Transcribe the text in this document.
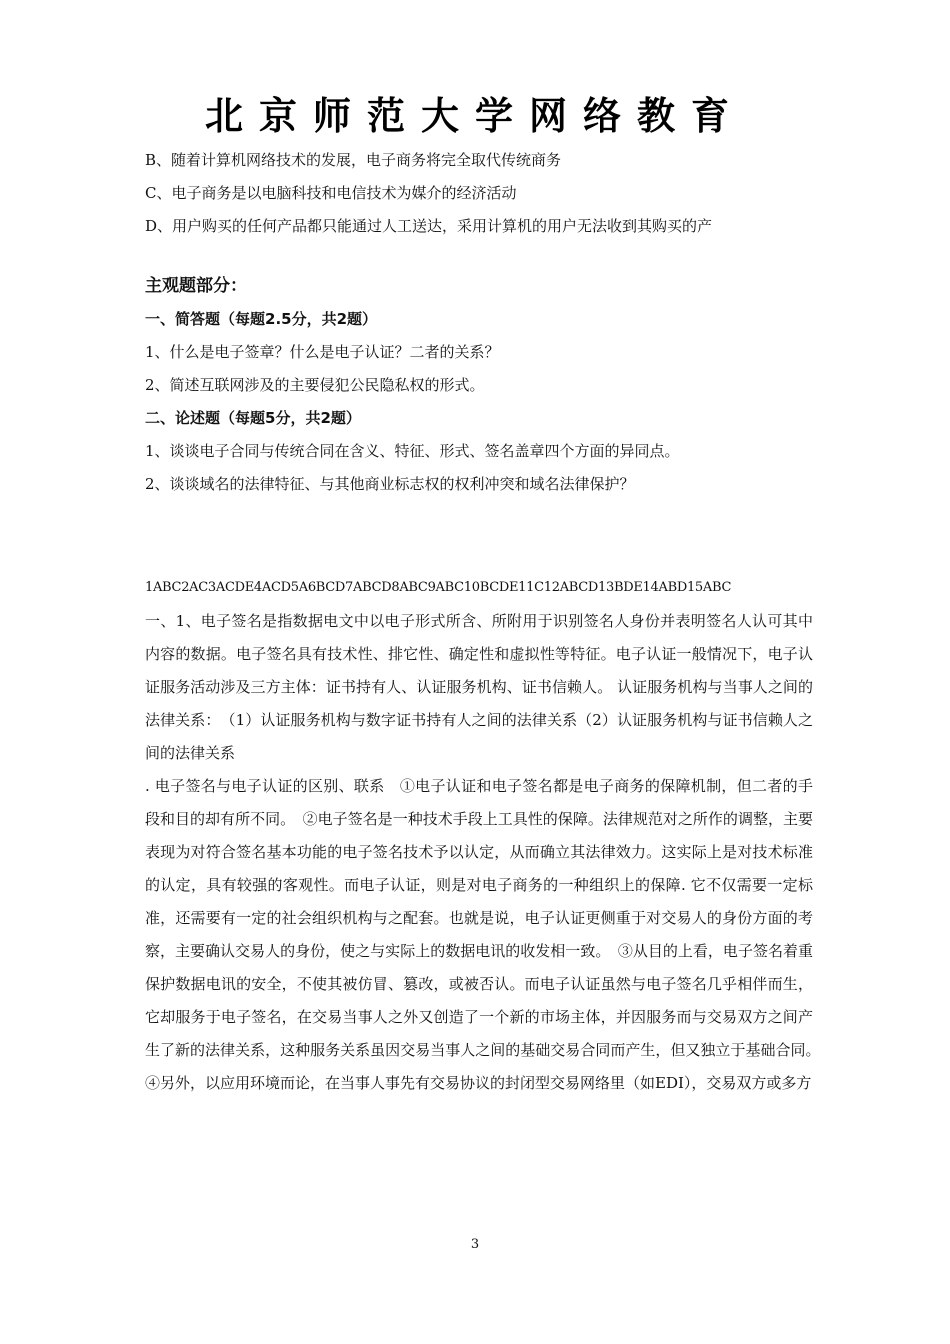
北京师范大学网络教育
B、随着计算机网络技术的发展，电子商务将完全取代传统商务
C、电子商务是以电脑科技和电信技术为媒介的经济活动
D、用户购买的任何产品都只能通过人工送达，采用计算机的用户无法收到其购买的产
主观题部分：
一、简答题（每题2.5分，共2题）
1、什么是电子签章？什么是电子认证？二者的关系？
2、简述互联网涉及的主要侵犯公民隐私权的形式。
二、论述题（每题5分，共2题）
1、谈谈电子合同与传统合同在含义、特征、形式、签名盖章四个方面的异同点。
2、谈谈域名的法律特征、与其他商业标志权的权利冲突和域名法律保护？
1ABC2AC3ACDE4ACD5A6BCD7ABCD8ABC9ABC10BCDE11C12ABCD13BDE14ABD15ABC
一、1、电子签名是指数据电文中以电子形式所含、所附用于识别签名人身份并表明签名人认可其中内容的数据。电子签名具有技术性、排它性、确定性和虚拟性等特征。电子认证一般情况下，电子认证服务活动涉及三方主体：证书持有人、认证服务机构、证书信赖人。 认证服务机构与当事人之间的法律关系：　（1）认证服务机构与数字证书持有人之间的法律关系（2）认证服务机构与证书信赖人之间的法律关系
. 电子签名与电子认证的区别、联系　①电子认证和电子签名都是电子商务的保障机制，但二者的手段和目的却有所不同。　②电子签名是一种技术手段上工具性的保障。法律规范对之所作的调整，主要表现为对符合签名基本功能的电子签名技术予以认定，从而确立其法律效力。这实际上是对技术标准的认定，具有较强的客观性。而电子认证，则是对电子商务的一种组织上的保障. 它不仅需要一定标准，还需要有一定的社会组织机构与之配套。也就是说，电子认证更侧重于对交易人的身份方面的考察，主要确认交易人的身份，使之与实际上的数据电讯的收发相一致。　③从目的上看，电子签名着重保护数据电讯的安全，不使其被仿冒、篡改，或被否认。而电子认证虽然与电子签名几乎相伴而生，它却服务于电子签名，在交易当事人之外又创造了一个新的市场主体，并因服务而与交易双方之间产生了新的法律关系，这种服务关系虽因交易当事人之间的基础交易合同而产生，但又独立于基础合同。　④另外，以应用环境而论，在当事人事先有交易协议的封闭型交易网络里（如EDI），交易双方或多方
3
